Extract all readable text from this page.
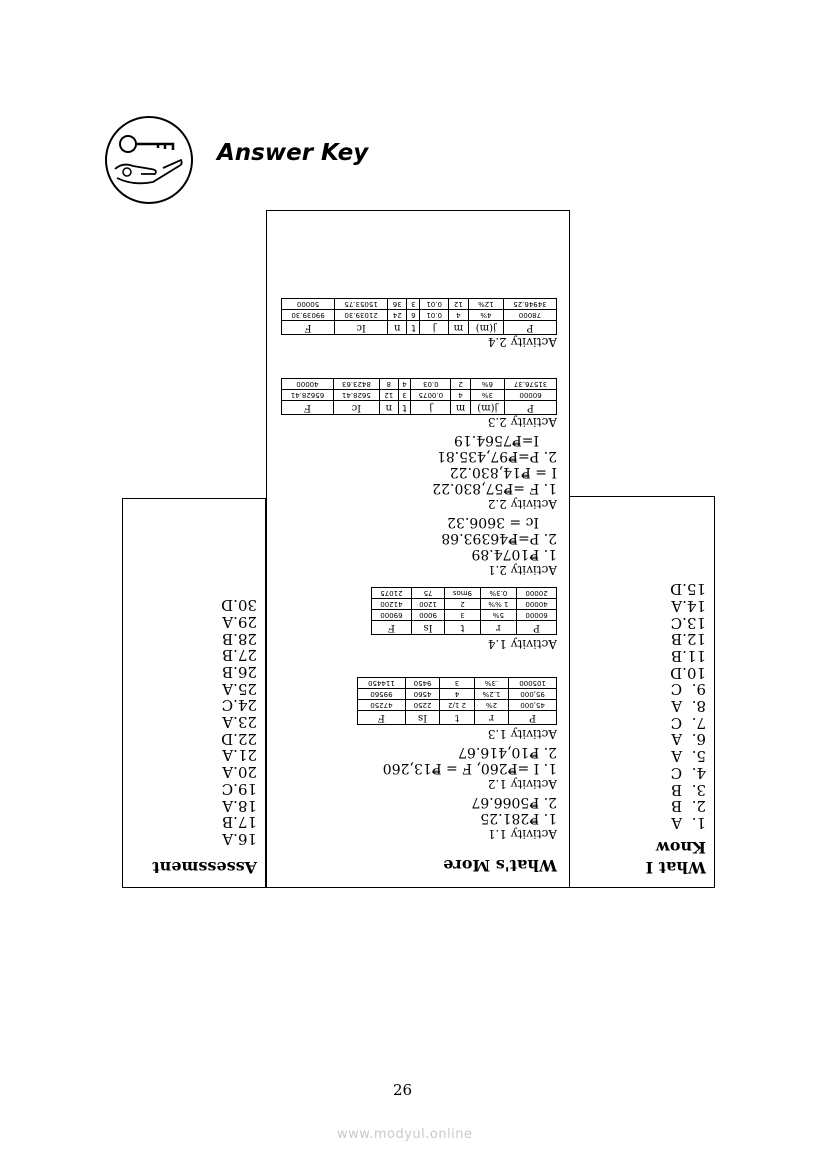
Answer Key
What's More
Activity 1.1
1. ₱281.25
2. ₱5066.67
Activity 1.2
1. I =₱260, F = ₱13,260
2. ₱10,416.67
Activity 1.3
P	r	t	Is	F
45,000	2%	2 1/2	2250	47250
95,000	1.2%	4	4560	99560
105000	.3%	3	9450	114450
Activity 1.4
P	r	t	Is	F
60000	5%	3	9000	69000
40000	1 %%	2	1200	41200
20000	0.3%	9mos	75	21075
Activity 2.1
1. ₱1074.89
2. P=₱46393.68
Ic = 3606.32
Activity 2.2
1. F =₱57,830.22
I = ₱14,830.22
2. P=₱97,435.81
I=₱7564.19
Activity 2.3
P	j(m)	m	j	t	n	Ic	F
60000	3%	4	0.0075	3	12	5628.41	65628.41
31576.37	6%	2	0.03	4	8	8423.63	40000
Activity 2.4
P	j(m)	m	j	t	n	Ic	F
78000	4%	4	0.01	6	24	21039.30	99039.30
34946.25	12%	12	0.01	3	36	15053.75	50000
What I
Know
1.  A
2.  B
3.  B
4.  C
5.  A
6.  A
7.  C
8.  A
9.  C
10.D
11.B
12.B
13.C
14.A
15.D
Assessment
16.A
17.B
18.A
19.C
20.A
21.A
22.D
23.A
24.C
25.A
26.B
27.B
28.B
29.A
30.D
26
www.modyul.online
